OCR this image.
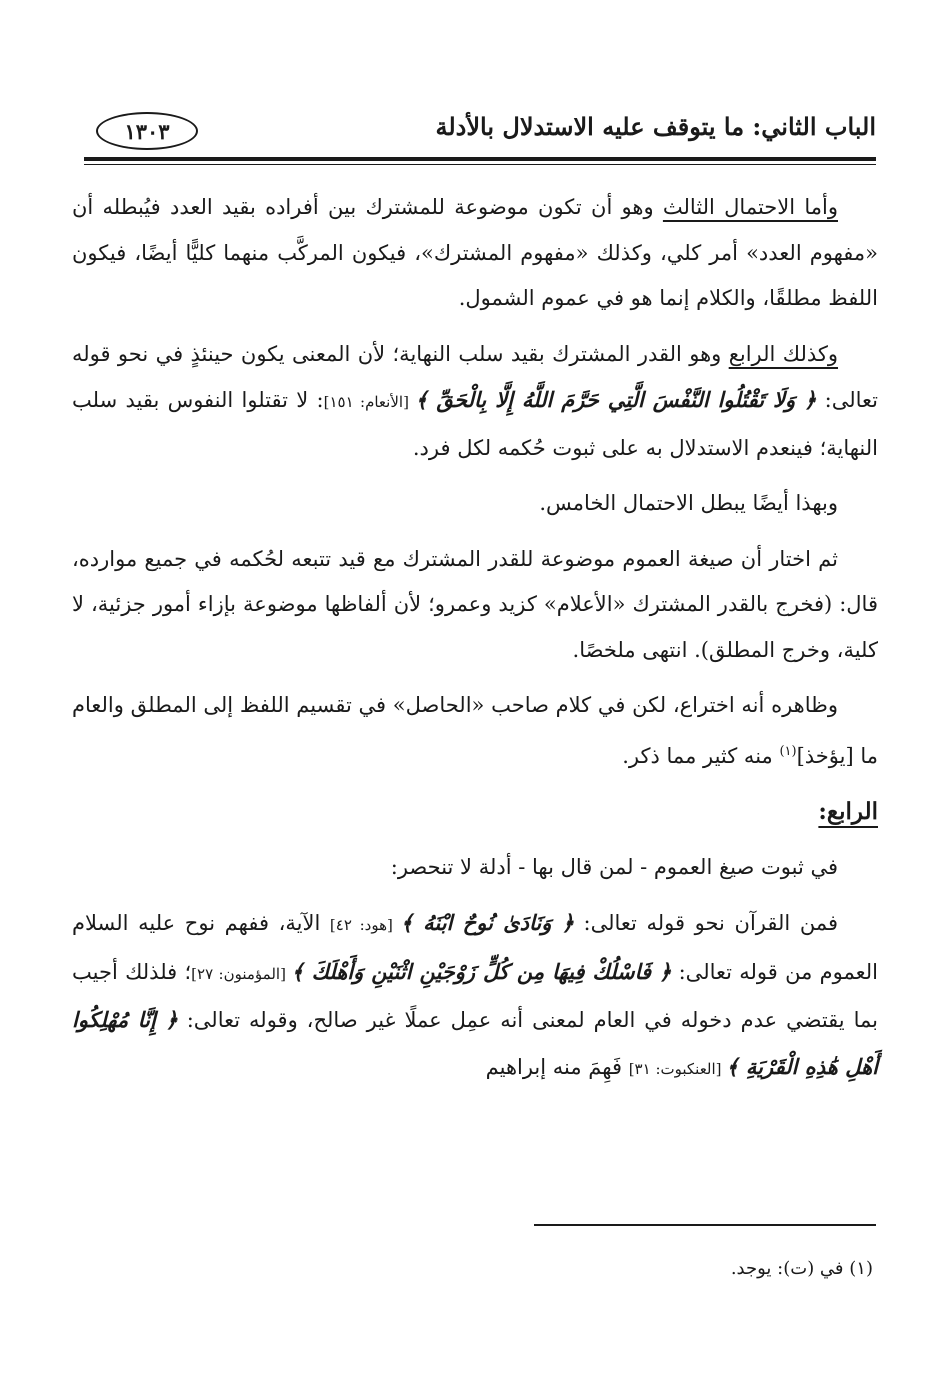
الباب الثاني: ما يتوقف عليه الاستدلال بالأدلة
١٣٠٣

وأما الاحتمال الثالث وهو أن تكون موضوعة للمشترك بين أفراده بقيد العدد فيُبطله أن «مفهوم العدد» أمر كلي، وكذلك «مفهوم المشترك»، فيكون المركَّب منهما كليًّا أيضًا، فيكون اللفظ مطلقًا، والكلام إنما هو في عموم الشمول.

وكذلك الرابع وهو القدر المشترك بقيد سلب النهاية؛ لأن المعنى يكون حينئذٍ في نحو قوله تعالى: ﴿ وَلَا تَقْتُلُوا النَّفْسَ الَّتِي حَرَّمَ اللَّهُ إِلَّا بِالْحَقِّ ﴾ [الأنعام: ١٥١]: لا تقتلوا النفوس بقيد سلب النهاية؛ فينعدم الاستدلال به على ثبوت حُكمه لكل فرد.

وبهذا أيضًا يبطل الاحتمال الخامس.

ثم اختار أن صيغة العموم موضوعة للقدر المشترك مع قيد تتبعه لحُكمه في جميع موارده، قال: (فخرج بالقدر المشترك «الأعلام» كزيد وعمرو؛ لأن ألفاظها موضوعة بإزاء أمور جزئية، لا كلية، وخرج المطلق). انتهى ملخصًا.

وظاهره أنه اختراع، لكن في كلام صاحب «الحاصل» في تقسيم اللفظ إلى المطلق والعام ما [يؤخذ]$^{(١)}$ منه كثير مما ذكر.

الرابع:

في ثبوت صيغ العموم - لمن قال بها - أدلة لا تنحصر:

فمن القرآن نحو قوله تعالى: ﴿ وَنَادَىٰ نُوحٌ ابْنَهُ ﴾ [هود: ٤٢] الآية، ففهم نوح عليه السلام العموم من قوله تعالى: ﴿ فَاسْلُكْ فِيهَا مِن كُلٍّ زَوْجَيْنِ اثْنَيْنِ وَأَهْلَكَ ﴾ [المؤمنون: ٢٧]؛ فلذلك أجيب بما يقتضي عدم دخوله في العام لمعنى أنه عمِل عملًا غير صالح، وقوله تعالى: ﴿ إِنَّا مُهْلِكُوا أَهْلِ هَٰذِهِ الْقَرْيَةِ ﴾ [العنكبوت: ٣١] فَهِمَ منه إبراهيم

(١) في (ت): يوجد.
